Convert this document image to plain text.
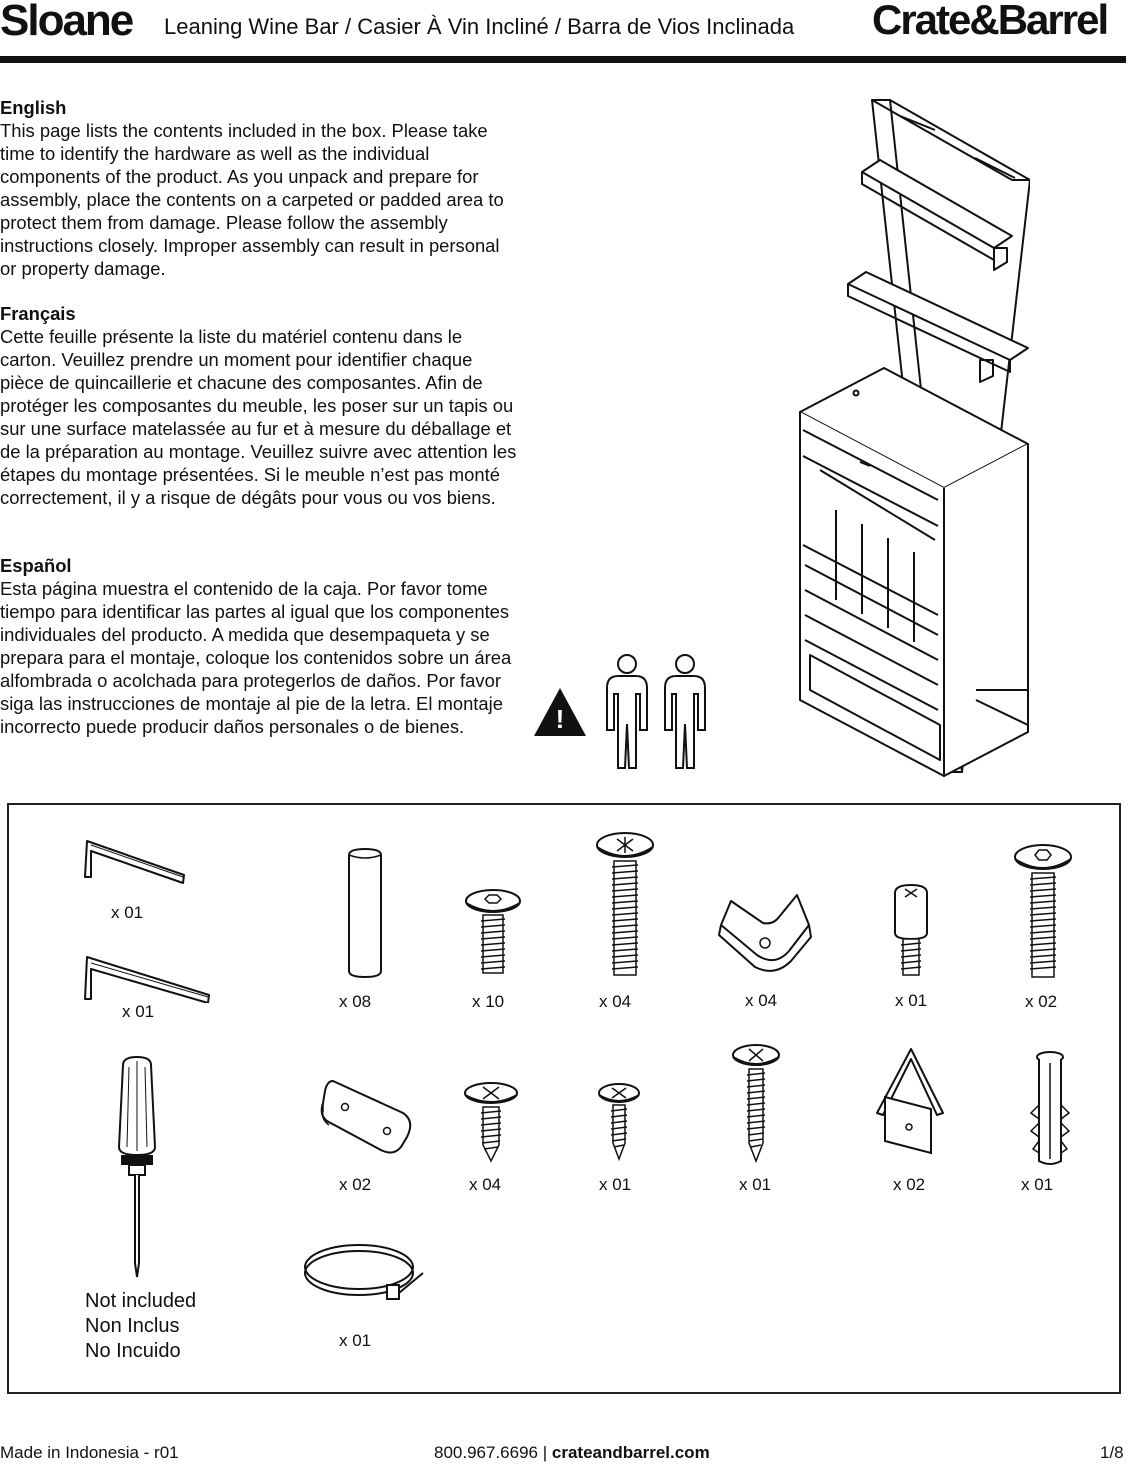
Sloane Leaning Wine Bar / Casier À Vin Incliné / Barra de Vios Inclinada Crate&Barrel
English

This page lists the contents included in the box. Please take time to identify the hardware as well as the individual components of the product. As you unpack and prepare for assembly, place the contents on a carpeted or padded area to protect them from damage. Please follow the assembly instructions closely. Improper assembly can result in personal or property damage.

Français

Cette feuille présente la liste du matériel contenu dans le carton. Veuillez prendre un moment pour identifier chaque pièce de quincaillerie et chacune des composantes. Afin de protéger les composantes du meuble, les poser sur un tapis ou sur une surface matelassée au fur et à mesure du déballage et de la préparation au montage. Veuillez suivre avec attention les étapes du montage présentées. Si le meuble n’est pas monté correctement, il y a risque de dégâts pour vous ou vos biens.

Español

Esta página muestra el contenido de la caja. Por favor tome tiempo para identificar las partes al igual que los componentes individuales del producto. A medida que desempaqueta y se prepara para el montaje, coloque los contenidos sobre un área alfombrada o acolchada para protegerlos de daños. Por favor siga las instrucciones de montaje al pie de la letra. El montaje incorrecto puede producir daños personales o de bienes.	!
x 01
x 01
Not included
Non Inclus
No Incuido
x 08	x 10	x 04	x 04	x 01	x 02
x 02	x 04	x 01	x 01	x 02	x 01
x 01
Made in Indonesia - r01	800.967.6696 | crateandbarrel.com	1/8
